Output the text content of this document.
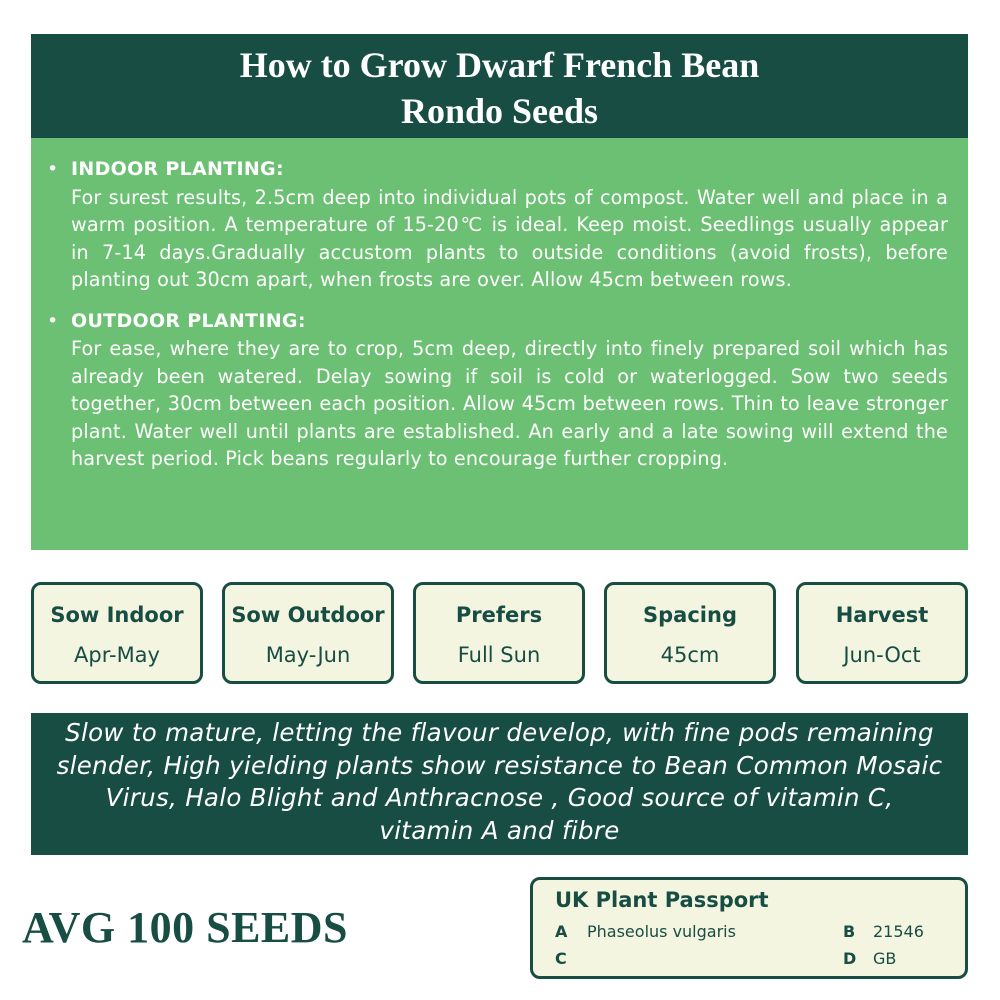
How to Grow Dwarf French Bean
Rondo Seeds
• INDOOR PLANTING:
For surest results, 2.5cm deep into individual pots of compost. Water well and place in a warm position. A temperature of 15-20℃ is ideal. Keep moist. Seedlings usually appear in 7-14 days.Gradually accustom plants to outside conditions (avoid frosts), before planting out 30cm apart, when frosts are over. Allow 45cm between rows.
• OUTDOOR PLANTING:
For ease, where they are to crop, 5cm deep, directly into finely prepared soil which has already been watered. Delay sowing if soil is cold or waterlogged. Sow two seeds together, 30cm between each position. Allow 45cm between rows. Thin to leave stronger plant. Water well until plants are established. An early and a late sowing will extend the harvest period. Pick beans regularly to encourage further cropping.
Sow Indoor
Apr-May
Sow Outdoor
May-Jun
Prefers
Full Sun
Spacing
45cm
Harvest
Jun-Oct
Slow to mature, letting the flavour develop, with fine pods remaining slender, High yielding plants show resistance to Bean Common Mosaic Virus, Halo Blight and Anthracnose , Good source of vitamin C, vitamin A and fibre
AVG 100 SEEDS
UK Plant Passport
A Phaseolus vulgaris	B 21546
C	D GB
